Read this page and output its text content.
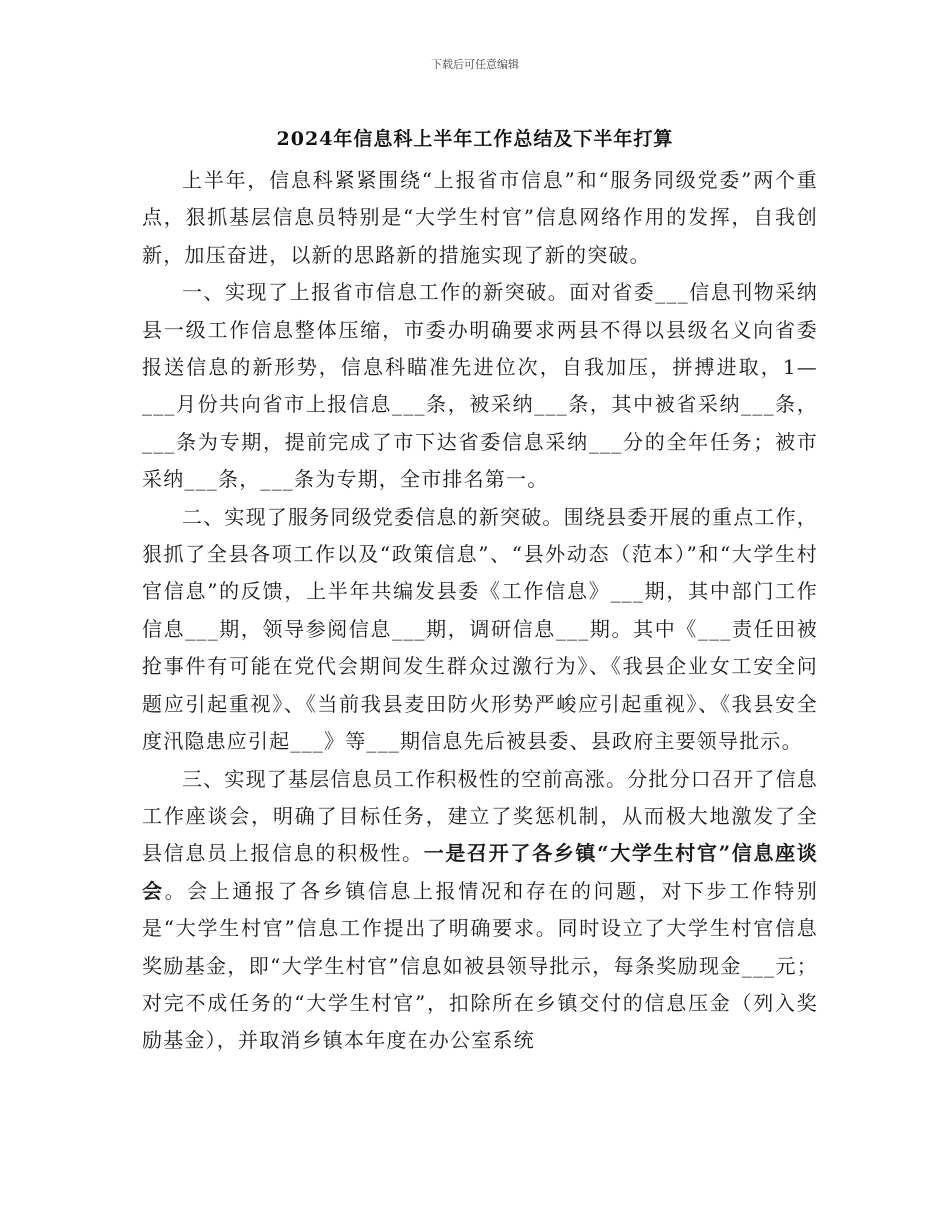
下载后可任意编辑
2024年信息科上半年工作总结及下半年打算

上半年，信息科紧紧围绕“上报省市信息”和“服务同级党委”两个重点，狠抓基层信息员特别是“大学生村官”信息网络作用的发挥，自我创新，加压奋进，以新的思路新的措施实现了新的突破。

一、实现了上报省市信息工作的新突破。面对省委___信息刊物采纳县一级工作信息整体压缩，市委办明确要求两县不得以县级名义向省委报送信息的新形势，信息科瞄准先进位次，自我加压，拼搏进取，1—___月份共向省市上报信息___条，被采纳___条，其中被省采纳___条，___条为专期，提前完成了市下达省委信息采纳___分的全年任务；被市采纳___条，___条为专期，全市排名第一。

二、实现了服务同级党委信息的新突破。围绕县委开展的重点工作，狠抓了全县各项工作以及“政策信息”、“县外动态（范本）”和“大学生村官信息”的反馈，上半年共编发县委《工作信息》___期，其中部门工作信息___期，领导参阅信息___期，调研信息___期。其中《___责任田被抢事件有可能在党代会期间发生群众过激行为》、《我县企业女工安全问题应引起重视》、《当前我县麦田防火形势严峻应引起重视》、《我县安全度汛隐患应引起___》等___期信息先后被县委、县政府主要领导批示。

三、实现了基层信息员工作积极性的空前高涨。分批分口召开了信息工作座谈会，明确了目标任务，建立了奖惩机制，从而极大地激发了全县信息员上报信息的积极性。一是召开了各乡镇“大学生村官”信息座谈会。会上通报了各乡镇信息上报情况和存在的问题，对下步工作特别是“大学生村官”信息工作提出了明确要求。同时设立了大学生村官信息奖励基金，即“大学生村官”信息如被县领导批示，每条奖励现金___元；对完不成任务的“大学生村官”，扣除所在乡镇交付的信息压金（列入奖励基金），并取消乡镇本年度在办公室系统
